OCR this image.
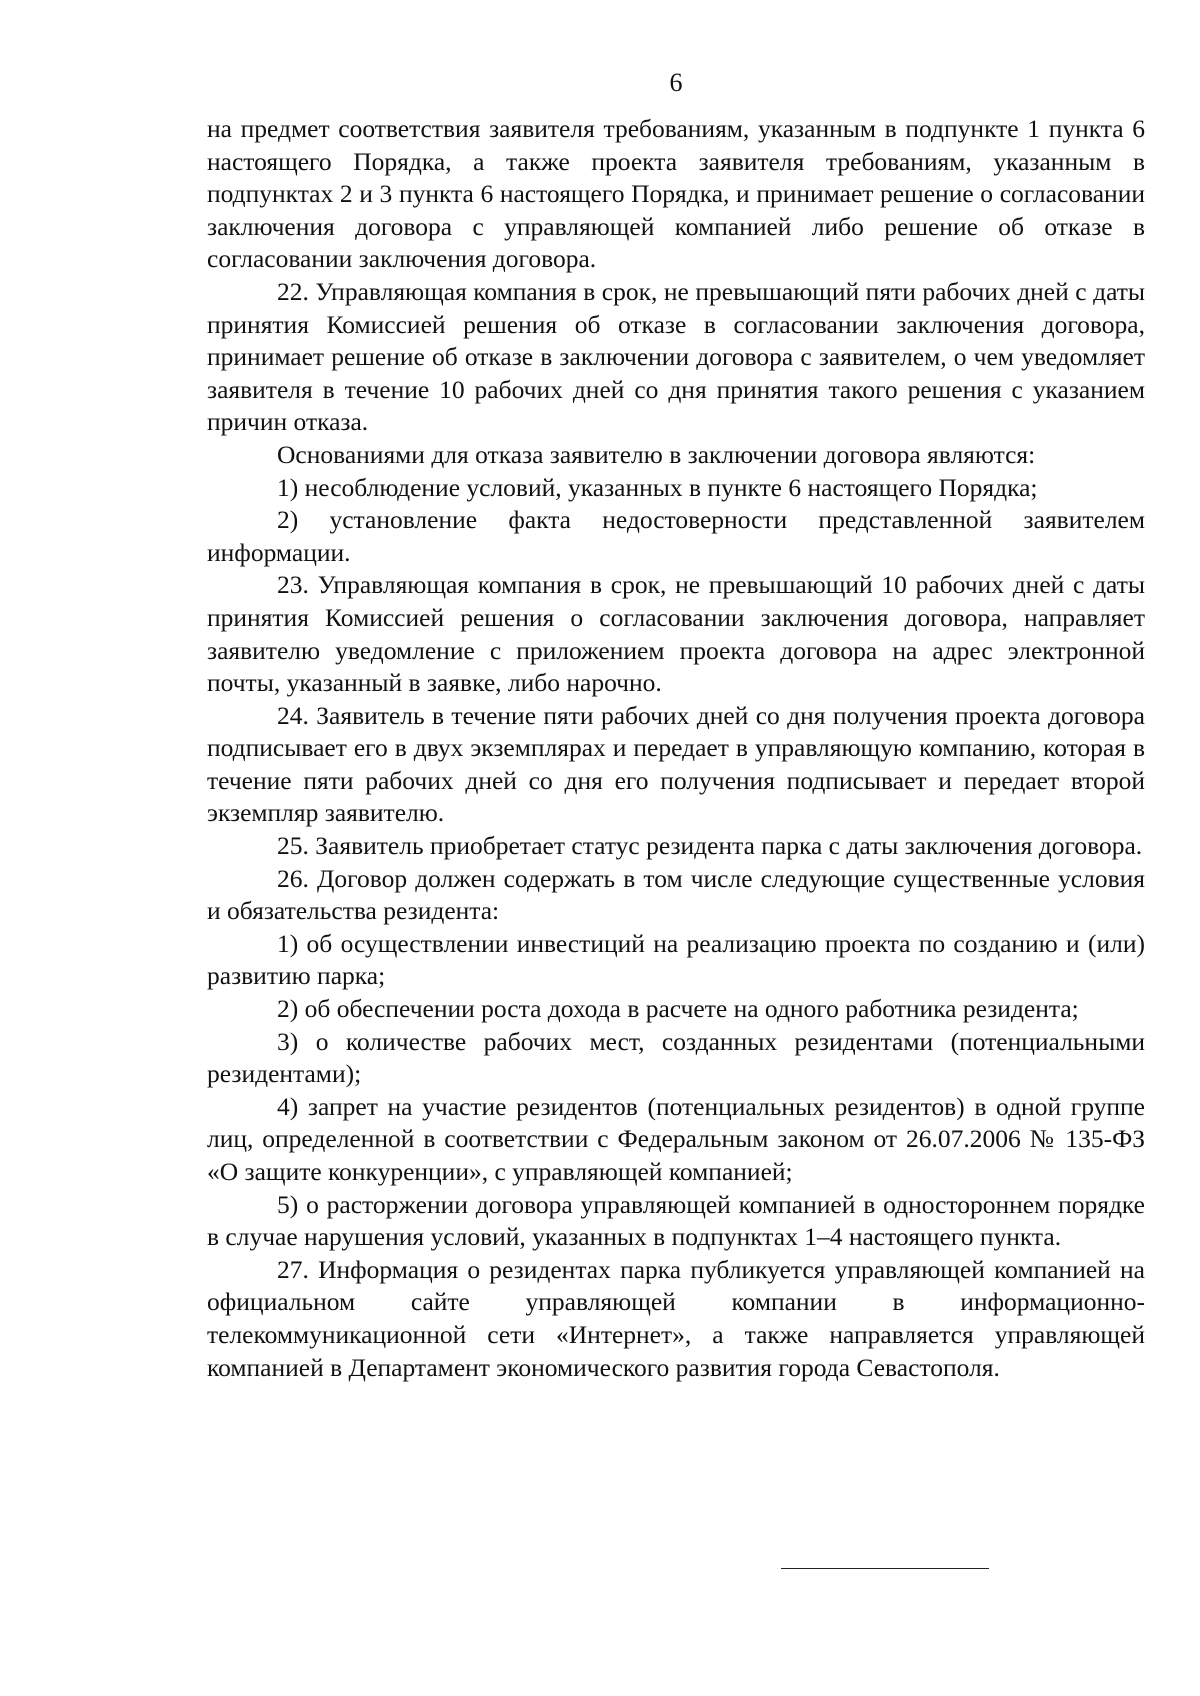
6

на предмет соответствия заявителя требованиям, указанным в подпункте 1 пункта 6 настоящего Порядка, а также проекта заявителя требованиям, указанным в подпунктах 2 и 3 пункта 6 настоящего Порядка, и принимает решение о согласовании заключения договора с управляющей компанией либо решение об отказе в согласовании заключения договора.

22. Управляющая компания в срок, не превышающий пяти рабочих дней с даты принятия Комиссией решения об отказе в согласовании заключения договора, принимает решение об отказе в заключении договора с заявителем, о чем уведомляет заявителя в течение 10 рабочих дней со дня принятия такого решения с указанием причин отказа.

Основаниями для отказа заявителю в заключении договора являются:

1) несоблюдение условий, указанных в пункте 6 настоящего Порядка;

2) установление факта недостоверности представленной заявителем информации.

23. Управляющая компания в срок, не превышающий 10 рабочих дней с даты принятия Комиссией решения о согласовании заключения договора, направляет заявителю уведомление с приложением проекта договора на адрес электронной почты, указанный в заявке, либо нарочно.

24. Заявитель в течение пяти рабочих дней со дня получения проекта договора подписывает его в двух экземплярах и передает в управляющую компанию, которая в течение пяти рабочих дней со дня его получения подписывает и передает второй экземпляр заявителю.

25. Заявитель приобретает статус резидента парка с даты заключения договора.

26. Договор должен содержать в том числе следующие существенные условия и обязательства резидента:

1) об осуществлении инвестиций на реализацию проекта по созданию и (или) развитию парка;

2) об обеспечении роста дохода в расчете на одного работника резидента;

3) о количестве рабочих мест, созданных резидентами (потенциальными резидентами);

4) запрет на участие резидентов (потенциальных резидентов) в одной группе лиц, определенной в соответствии с Федеральным законом от 26.07.2006 № 135-ФЗ «О защите конкуренции», с управляющей компанией;

5) о расторжении договора управляющей компанией в одностороннем порядке в случае нарушения условий, указанных в подпунктах 1–4 настоящего пункта.

27. Информация о резидентах парка публикуется управляющей компанией на официальном сайте управляющей компании в информационно-телекоммуникационной сети «Интернет», а также направляется управляющей компанией в Департамент экономического развития города Севастополя.
